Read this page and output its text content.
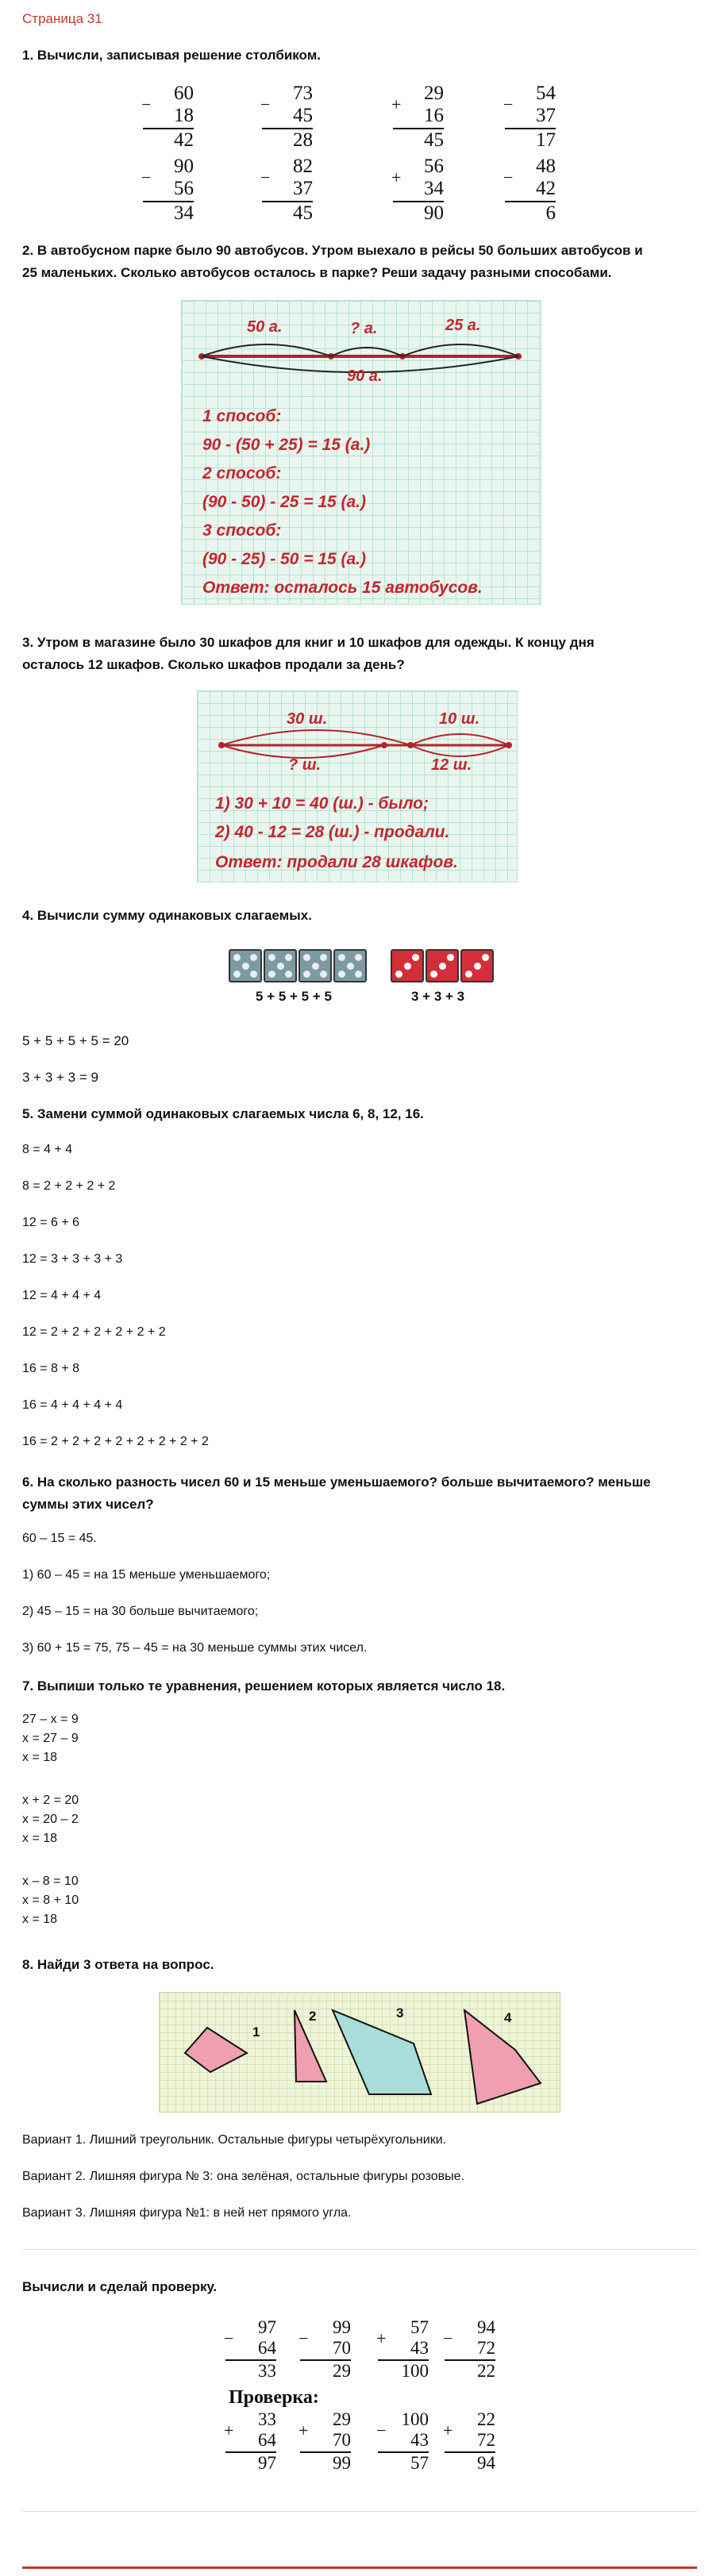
Страница 31
1. Вычисли, записывая решение столбиком.
−
60
18
42
−
73
45
28
+
29
16
45
−
54
37
17
−
90
56
34
−
82
37
45
+
56
34
90
−
48
42
6
2. В автобусном парке было 90 автобусов. Утром выехало в рейсы 50 больших автобусов и
25 маленьких. Сколько автобусов осталось в парке? Реши задачу разными способами.
50 а.	? а.	25 а.
90 а.
1 способ:
90 - (50 + 25) = 15 (а.)
2 способ:
(90 - 50) - 25 = 15 (а.)
3 способ:
(90 - 25) - 50 = 15 (а.)
Ответ: осталось 15 автобусов.
3. Утром в магазине было 30 шкафов для книг и 10 шкафов для одежды. К концу дня
осталось 12 шкафов. Сколько шкафов продали за день?
30 ш.	10 ш.
? ш.	12 ш.
1) 30 + 10 = 40 (ш.) - было;
2) 40 - 12 = 28 (ш.) - продали.
Ответ: продали 28 шкафов.
4. Вычисли сумму одинаковых слагаемых.
5 + 5 + 5 + 5	3 + 3 + 3
5 + 5 + 5 + 5 = 20
3 + 3 + 3 = 9
5. Замени суммой одинаковых слагаемых числа 6, 8, 12, 16.
8 = 4 + 4
8 = 2 + 2 + 2 + 2
12 = 6 + 6
12 = 3 + 3 + 3 + 3
12 = 4 + 4 + 4
12 = 2 + 2 + 2 + 2 + 2 + 2
16 = 8 + 8
16 = 4 + 4 + 4 + 4
16 = 2 + 2 + 2 + 2 + 2 + 2 + 2 + 2
6. На сколько разность чисел 60 и 15 меньше уменьшаемого? больше вычитаемого? меньше
суммы этих чисел?
60 – 15 = 45.
1) 60 – 45 = на 15 меньше уменьшаемого;
2) 45 – 15 = на 30 больше вычитаемого;
3) 60 + 15 = 75, 75 – 45 = на 30 меньше суммы этих чисел.
7. Выпиши только те уравнения, решением которых является число 18.
27 – x = 9
x = 27 – 9
x = 18
x + 2 = 20
x = 20 – 2
x = 18
x – 8 = 10
x = 8 + 10
x = 18
8. Найди 3 ответа на вопрос.
1
2	3	4
Вариант 1. Лишний треугольник. Остальные фигуры четырёхугольники.
Вариант 2. Лишняя фигура № 3: она зелёная, остальные фигуры розовые.
Вариант 3. Лишняя фигура №1: в ней нет прямого угла.
Вычисли и сделай проверку.
−
97
64
33
−
99
70
29
+
57
43
100
−
94
72
22
Проверка:
+
33
64
97
+
29
70
99
−
100
43
57
+
22
72
94
